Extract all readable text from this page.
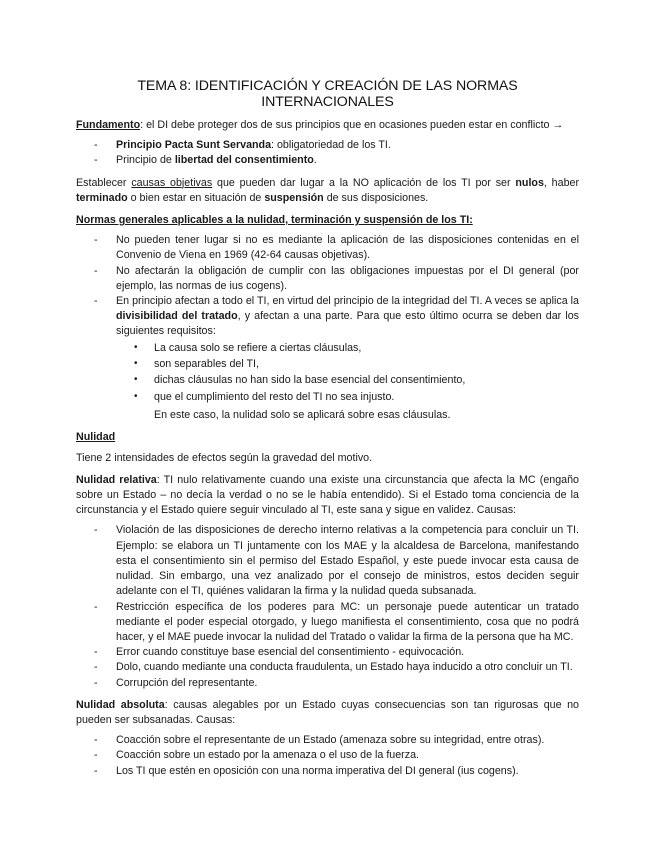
TEMA 8: IDENTIFICACIÓN Y CREACIÓN DE LAS NORMAS INTERNACIONALES

Fundamento: el DI debe proteger dos de sus principios que en ocasiones pueden estar en conflicto →

- Principio Pacta Sunt Servanda: obligatoriedad de los TI.
- Principio de libertad del consentimiento.

Establecer causas objetivas que pueden dar lugar a la NO aplicación de los TI por ser nulos, haber terminado o bien estar en situación de suspensión de sus disposiciones.

Normas generales aplicables a la nulidad, terminación y suspensión de los TI:

- No pueden tener lugar si no es mediante la aplicación de las disposiciones contenidas en el Convenio de Viena en 1969 (42-64 causas objetivas).
- No afectarán la obligación de cumplir con las obligaciones impuestas por el DI general (por ejemplo, las normas de ius cogens).
- En principio afectan a todo el TI, en virtud del principio de la integridad del TI. A veces se aplica la divisibilidad del tratado, y afectan a una parte. Para que esto último ocurra se deben dar los siguientes requisitos:
• La causa solo se refiere a ciertas cláusulas,
• son separables del TI,
• dichas cláusulas no han sido la base esencial del consentimiento,
• que el cumplimiento del resto del TI no sea injusto.
En este caso, la nulidad solo se aplicará sobre esas cláusulas.

Nulidad

Tiene 2 intensidades de efectos según la gravedad del motivo.

Nulidad relativa: TI nulo relativamente cuando una existe una circunstancia que afecta la MC (engaño sobre un Estado – no decía la verdad o no se le había entendido). Si el Estado toma conciencia de la circunstancia y el Estado quiere seguir vinculado al TI, este sana y sigue en validez. Causas:

- Violación de las disposiciones de derecho interno relativas a la competencia para concluir un TI. Ejemplo: se elabora un TI juntamente con los MAE y la alcaldesa de Barcelona, manifestando esta el consentimiento sin el permiso del Estado Español, y este puede invocar esta causa de nulidad. Sin embargo, una vez analizado por el consejo de ministros, estos deciden seguir adelante con el TI, quiénes validaran la firma y la nulidad queda subsanada.
- Restricción específica de los poderes para MC: un personaje puede autenticar un tratado mediante el poder especial otorgado, y luego manifiesta el consentimiento, cosa que no podrá hacer, y el MAE puede invocar la nulidad del Tratado o validar la firma de la persona que ha MC.
- Error cuando constituye base esencial del consentimiento - equivocación.
- Dolo, cuando mediante una conducta fraudulenta, un Estado haya inducido a otro concluir un TI.
- Corrupción del representante.

Nulidad absoluta: causas alegables por un Estado cuyas consecuencias son tan rigurosas que no pueden ser subsanadas. Causas:

- Coacción sobre el representante de un Estado (amenaza sobre su integridad, entre otras).
- Coacción sobre un estado por la amenaza o el uso de la fuerza.
- Los TI que estén en oposición con una norma imperativa del DI general (ius cogens).
